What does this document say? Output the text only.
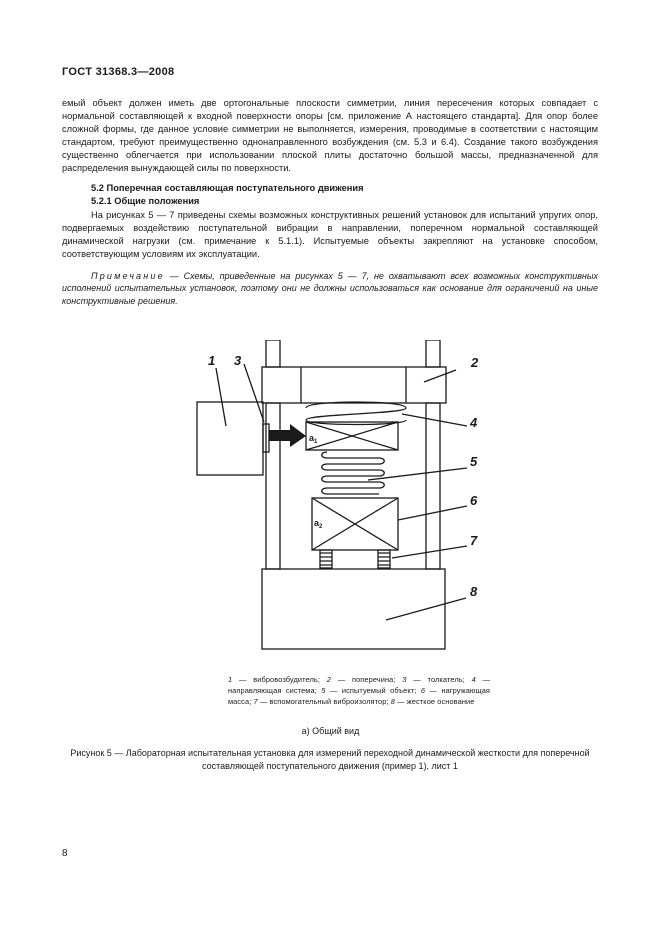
ГОСТ 31368.3—2008
емый объект должен иметь две ортогональные плоскости симметрии, линия пересечения которых совпадает с нормальной составляющей к входной поверхности опоры [см. приложение А настоящего стандарта]. Для опор более сложной формы, где данное условие симметрии не выполняется, измерения, проводимые в соответствии с настоящим стандартом, требуют преимущественно однонаправленного возбуждения (см. 5.3 и 6.4). Создание такого возбуждения существенно облегчается при использовании плоской плиты достаточно большой массы, предназначенной для распределения вынуждающей силы по поверхности.
5.2 Поперечная составляющая поступательного движения
5.2.1 Общие положения
На рисунках 5 — 7 приведены схемы возможных конструктивных решений установок для испытаний упругих опор, подвергаемых воздействию поступательной вибрации в направлении, поперечном нормальной составляющей динамической нагрузки (см. примечание к 5.1.1). Испытуемые объекты закрепляют на установке способом, соответствующим условиям их эксплуатации.
Примечание — Схемы, приведенные на рисунках 5 — 7, не охватывают всех возможных конструктивных исполнений испытательных установок, поэтому они не должны использоваться как основание для ограничений на иные конструктивные решения.
1 3	2
4
5
6
7
8
$a_1$
$a_2$
1 — вибровозбудитель; 2 — поперечина; 3 — толкатель; 4 — направляющая система; 5 — испытуемый объект; 6 — нагружающая масса; 7 — вспомогательный виброизолятор; 8 — жесткое основание
а) Общий вид
Рисунок 5 — Лабораторная испытательная установка для измерений переходной динамической жесткости для поперечной составляющей поступательного движения (пример 1), лист 1
8
